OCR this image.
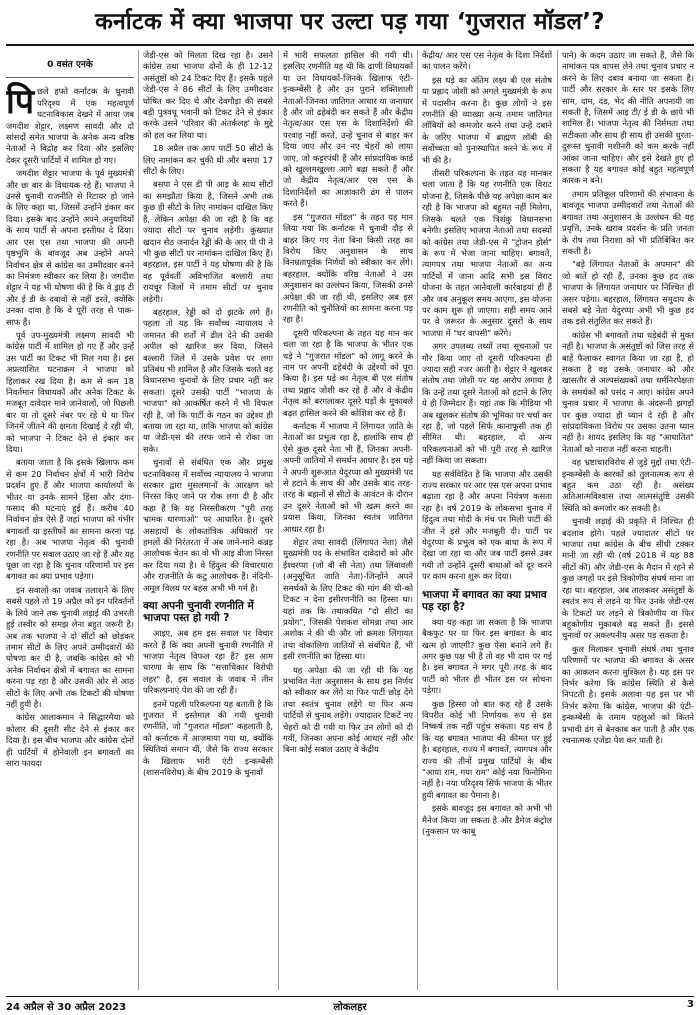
कर्नाटक में क्या भाजपा पर उल्टा पड़ गया ‘गुजरात मॉडल’?
0 वसंत एनके

पिछले हफ्ते कर्नाटक के चुनावी परिदृश्य में एक महत्वपूर्ण घटनाविकास देखने में आया जब जगदीश शेट्टार, लक्ष्मण सावदी और दो सांसदों समेत भाजपा के अनेक अन्य वरिष्ठ नेताओं ने विद्रोह कर दिया और इसलिए देकर दूसरी पार्टियों में शामिल हो गए।

जगदीश शेट्टार भाजपा के पूर्व मुख्यमंत्री और छः बार के विधायक रहे हैं। भाजपा ने उनसे चुनावी राजनीति से रिटायर हो जाने के लिए कहा था, जिसमें उन्होंने इंकार कर दिया। इसके बाद उन्होंने अपने अनुयायियों के साथ पार्टी से अपना इस्तीफा दे दिया। आर एस एस तथा भाजपा की अपनी पृष्ठभूमि के बावजूद अब उन्होंने अपने निर्वाचन क्षेत्र से कांग्रेस का उम्मीदवार बनने का निमंत्रण स्वीकार कर लिया है। जगदीश शेट्टार ने यह भी घोषणा की है कि वे ड्राइ टी और ई डी के दबावों से नहीं डरते, क्योंकि उनका दावा है कि वे पूरी तरह से पाक-साफ हैं।

पूर्व उप-मुख्यमंत्री लक्ष्मण सावदी भी कांग्रेस पार्टी में शामिल हो गए हैं और उन्हें उस पार्टी का टिकट भी मिल गया है। इस अप्रत्याशित घटनाक्रम ने भाजपा को हिलाकर रख दिया है। कम से कम 18 निवर्तमान विधायकों और अनेक टिकट के मजबूत दावेदार माने जानेवालों, जो पिछली बार या तो दूसरे नंबर पर रहे थे या फिर जिनमें जीतने की क्षमता दिखाई दे रही थी, को भाजपा ने टिकट देने से इंकार कर दिया।

बताया जाता है कि इसके खिलाफ कम से कम 20 निर्वाचन क्षेत्रों में भारी विरोध प्रदर्शन हुए हैं और भाजपा कार्यालयों के भीतर या उनके सामने हिंसा और दंगा-फसाद की घटनाएं हुई हैं। करीब 40 निर्वाचन क्षेत्र ऐसे हैं जहां भाजपा को गंभीर बगावतों या इस्तीफों का सामना करना पड़ रहा है। अब भाजपा नेतृत्व की चुनावी रणनीति पर सवाल उठाए जा रहे हैं और यह पूछा जा रहा है कि चुनाव परिणामों पर इस बगावत का क्या प्रभाव पड़ेगा।

इन सवालों का जवाब तलाशने के लिए सबसे पहले तो 19 अप्रैल को इन परिवर्तनों के लिये जाने तक चुनावी लड़ाई की उभरती हुई तस्वीर को समझ लेना बहुत जरूरी है। अब तक भाजपा ने दो सीटों को छोड़कर तमाम सीटों के लिए अपने उम्मीदवारों की घोषणा कर दी है, जबकि कांग्रेस को भी अनेक निर्वाचन क्षेत्रों में बगावत का सामना करना पड़ रहा है और उसकी ओर से आठ सीटों के लिए अभी तक टिकटों की घोषणा नहीं हुयी है।

कांग्रेस आलाकमान ने सिद्धारमैया को कोलार की दूसरी सीट देने से इंकार कर दिया है। इस बीच भाजपा और कांग्रेस दोनों ही पार्टियों में होनेवाली इन बगावतों का सारा फायदा

जेडी-एस को मिलता दिख रहा है। उसने कांग्रेस तथा भाजपा दोनों के ही 12-12 असंतुष्टों को 24 टिकट दिए हैं। इसके पहले जेडी-एस ने 86 सीटों के लिए उम्मीदवार घोषित कर दिए थे और देवगौड़ा की सबसे बड़ी पुत्रवधू भवानी को टिकट देने से इंकार करके उसने 'परिवार की अंतर्कलह' के मुद्दे को हल कर लिया था।

18 अप्रैल तक आप पार्टी 50 सीटों के लिए नामांकन कर चुकी थी और बसपा 17 सीटों के लिए।

बसपा ने एस डी पी आइ के साथ सीटों का समझौता किया है, जिसने अभी तक कुछ ही सीटों के लिए नामांकन दाखिल किए हैं, लेकिन अपेक्षा की जा रही है कि वह ज्यादा सीटों पर चुनाव लड़ेगी। कुख्यात खदान सेठ जनार्दन रेड्डी की के आर पी पी ने भी कुछ सीटों पर नामांकन दाखिल किए हैं। बहरहाल, इस पार्टी ने यह घोषणा की है कि वह पूर्ववर्ती अविभाजित बल्लारी तथा रायचूर जिलों में तमाम सीटों पर चुनाव लड़ेगी।

बहरहाल, रेड्डी को दो झटके लगे हैं। पहला तो यह कि सर्वोच्च न्यायालय ने जमानत की शर्तों में ढील देने की उसकी अपील को खारिज कर दिया, जिसने बल्लारी जिले में उसके प्रवेश पर लगा प्रतिबंध भी शामिल है और जिसके चलते वह विधानसभा चुनावों के लिए प्रचार नहीं कर सकता। दूसरे उसकी पार्टी "भाजपा के भाजपा" को आकर्षित करने में भी विफल रही है, जो कि पार्टी के गठन का उद्देश्य ही बताया जा रहा था, ताकि भाजपा को कांग्रेस या जेडी-एस की तरफ जाने से रोका जा सके।

चुनावों से संबंधित एक और प्रमुख घटनाविकास में सर्वोच्च न्यायालय ने भाजपा सरकार द्वारा मुसलमानों के आरक्षण को निरस्त किए जाने पर रोक लगा दी है और कहा है कि यह निरस्तीकरण "पूरी तरह भ्रामक धारणाओं" पर आधारित है। दूसरे असहायों के लोकतांत्रिक अधिकारों पर हमलों की निरंतरता में अब जाने-माने कन्नड़ आलोचक चेतन का वो भी आइ वीजा निरस्त कर दिया गया है। वे हिंदुत्व की विचारधारा और राजनीति के कटु आलोचक हैं। नंदिनी-अमूल विलय पर बहस अभी भी गर्म है।

क्या अपनी चुनावी रणनीति में भाजपा पस्त हो गयी ?

आइए, अब हम इस सवाल पर विचार करते हैं कि क्या अपनी चुनावी रणनीति में भाजपा नेतृत्व विफल रहा है? इस आम धारणा के साथ कि "सत्ताधिकार विरोधी लहर" है, इस सवाल के जवाब में तीन परिकल्पनाएं पेश की जा रही हैं।

इनमें पहली परिकल्पना यह बताती है कि गुजरात में इस्तेमाल की गयी चुनावी रणनीति, जो "गुजरात मॉडल" कहलाती है, को कर्नाटक में आजमाया गया था, क्योंकि स्थितियां समान थीं, जैसे कि राज्य सरकार के खिलाफ भारी एंटी इन्कम्बेंसी (शासनविरोध) के बीच 2019 के चुनावों

में भारी सफलता हासिल की गयी थी। इसलिए रणनीति यह थी कि ढाणी विधायकों या उन विधायकों-जिनके खिलाफ एंटी-इन्कम्बेंसी है और उन पुराने शक्तिशाली नेताओं-जिनका जातिगत आधार या जनाधार है और जो ढहेबंदी कर सकते हैं और केंद्रीय नेतृत्व/आर एस एस के दिशानिर्देशों की परवाह नहीं करते, उन्हें चुनाव से बाहर कर दिया जाए और उन नए चेहरों को लाया जाए, जो कट्टरपंथी हैं और सांप्रदायिक कार्ड को खुल्लमखुल्ला आगे बढ़ा सकते हैं और जो केंद्रीय नेतृत्व/आर एस एस के दिशानिर्देशों का आज्ञाकारी ढंग से पालन करते हैं।

इस "गुजरात मॉडल" के तहत यह मान लिया गया कि कर्नाटक में चुनावी दौड़ से बाहर किए गए नेता बिना किसी तरह का विरोध किए अनुशासन के साथ विनम्रतापूर्वक निर्णयों को स्वीकार कर लेंगे। बहरहाल, क्योंकि वरिष्ठ नेताओं ने उस अनुशासन का उल्लंघन किया, जिसकी उनसे अपेक्षा की जा रही थी, इसलिए अब इस रणनीति को चुनौतियों का सामना करना पड़ रहा है।

दूसरी परिकल्पना के तहत यह मान कर चला जा रहा है कि भाजपा के भीतर एक धड़े ने "गुजरात मॉडल" को लागू करने के नाम पर अपनी ढहेबंदी के उद्देश्यों को पूरा किया है। इस धड़े का नेतृत्व बी एल संतोष तथा प्रह्लाद जोशी कर रहे हैं और वे केंद्रीय नेतृत्व को बरगलाकर दूसरे धड़ों के मुकाबले बढ़त हासिल करने की कोशिश कर रहे हैं।

कर्नाटक में भाजपा में लिंगायत जाति के नेताओं का प्रभुत्व रहा है, हालांकि साथ ही ऐसे कुछ दूसरे नेता भी हैं, जिनका अपनी-अपनी जातियों में समर्थन आधार है। इस धड़े ने अपनी शुरूआत येदुरप्पा को मुख्यमंत्री पद से हटाने के साथ की और उसके बाद तरह-तरह के बहानों से सीटों के आवंटन के दौरान उन दूसरे नेताओं को भी खत्म करने का प्रयास किया, जिनका स्वतंत्र जातिगत आधार रहा है।

शेट्टार तथा सावदी (लिंगायत नेता) जैसे मुख्यमंत्री पद के संभावित दावेदारों को और ईश्वरप्पा (जो बी सी नेता) तथा लिंबावली (अनुसूचित जाति नेता)-जिन्होंने अपने समर्थकों के लिए टिकट की मांग की थी-को टिकट न देना इसीरणनीति का हिस्सा था। यहां तक कि तथाकथित "दो सीटों का प्रयोग", जिसकी पेशकश सोमन्ना तथा आर अशोक ने की थी और जो क्रमशः लिंगायत तथा वोकालिगा जातियों से संबंधित हैं, भी इसी रणनीति का हिस्सा था।

यह अपेक्षा की जा रही थी कि यह प्रभावित नेता अनुशासन के साथ इस निर्णय को स्वीकार कर लेंगे या फिर पार्टी छोड़ देंगे तथा स्वतंत्र चुनाव लड़ेंगे या फिर अन्य पार्टियों से चुनाव लड़ेंगे। ज्यादातर टिकटें नए चेहरों को दी गयी या फिर उन लोगों को दी गयीं, जिनका अपना कोई आधार नहीं और बिना कोई सवाल उठाए वे केंद्रीय

केंद्रीय/ आर एस एस नेतृत्व के दिशा निर्देशों का पालन करेंगे।

इस धड़े का अंतिम लक्ष्य बी एल संतोष या प्रह्लाद जोशी को अगले मुख्यमंत्री के रूप में पदासीन करना है। कुछ लोगों ने इस रणनीति की व्याख्या अन्य तमाम जातिगत लॉबियों को कमजोर करने तथा उन्हें दबाने के जरिए भाजपा में ब्राह्मण लॉबी की सर्वोच्चता को पुनःस्थापित करने के रूप में भी की है।

तीसरी परिकल्पना के तहत यह मानकर चला जाता है कि यह रणनीति एक विराट योजना है, जिसके पीछे यह अपेक्षा काम कर रही है कि भाजपा को बहुमत नहीं मिलेगा, जिसके चलते एक त्रिशंकु विधानसभा बनेगी। इसलिए भाजपा नेताओं तथा सदस्यों को कांग्रेस तथा जेडी-एस में "ट्रोजन होर्स" के रूप में भेजा जाना चाहिए। बगावतें, त्यागपत्र तथा भाजपा नेताओं का अन्य पार्टियों में जाना आदि सभी इस विराट योजना के तहत आनेवाली कार्रवाइयां ही हैं और जब अनुकूल समय आएगा, इस योजना पर काम शुरू हो जाएगा। सही समय आने पर वे जरूरत के अनुसार दूसरों के साथ भाजपा में "घर वापसी" करेंगे।

अगर उपलब्ध तथ्यों तथा सूचनाओं पर गौर किया जाए तो दूसरी परिकल्पना ही ज्यादा सही नजर आती है। शेट्टार ने खुलकर संतोष तथा जोशी पर यह आरोप लगाया है कि उन्हें तथा दूसरे नेताओं को हटाने के लिए ये ही जिम्मेदार हैं। यहां तक कि मीडिया भी अब खुलकर संतोष की भूमिका पर चर्चा कर रहा है, जो पहले सिर्फ कानाफूसी तक ही सीमित थी। बहरहाल, दो अन्य परिकल्पनाओं को भी पूरी तरह से खारिज नहीं किया जा सकता।

यह सर्वविदित है कि भाजपा और उसकी राज्य सरकार पर आर एस एस अपना प्रभाव बढ़ाता रहा है और अपना नियंत्रण कसता रहा है। वर्ष 2019 के लोकसभा चुनाव में हिंदुत्व तथा मोदी के मंच पर मिली पार्टी की जीत ने इसे और मजबूती दी। पार्टी पर येदुरप्पा के प्रभुत्व को एक बाधा के रूप में देखा जा रहा था और जब पार्टी इससे उबर गयी तो उन्होंने दूसरी बाधाओं को दूर करने पर काम करना शुरू कर दिया।

भाजपा में बगावत का क्या प्रभाव पड़ रहा है?

क्या यह कहा जा सकता है कि भाजपा बैकफुट पर या फिर इस बगावत के बाद खत्म हो जाएगी? कुछ ऐसा बनाने लगे हैं। अगर कुछ पक्ष भी है तो वह भी दाम पर गई है। इस बगावत ने मगर पूरी तरह के बाद पार्टी को भीतर ही भीतर इस पर सोचना पड़ेगा।

कुछ हिस्सा जो बात कह रहे हैं उसके विपरीत कोई भी निर्णायक रूप से इस निष्कर्ष तक नहीं पहुंच सकता। यह सच है कि यह बगावत भाजपा की कीमत पर हुई है। बहरहाल, राज्य में बगावतें, त्यागपत्र और राज्य की तीनों प्रमुख पार्टियों के बीच "आया राम, गया राम" कोई नया फिनोमिना नहीं है। नया परिदृश्य सिर्फ भाजपा के भीतर हुयी बगावत का पैमाना है।

इसके बावजूद इस बगावत को अभी भी मैनेज किया जा सकता है और डैमेज कंट्रोल (नुकसान पर काबू

पाने) के कदम उठाए जा सकते हैं, जैसे कि नामांकन पत्र वापस लेने तथा चुनाव प्रचार न करने के लिए दबाव बनाया जा सकता है। पार्टी और सरकार के स्तर पर इसके लिए साम, दाम, दंड, भेद की नीति अपनायी जा सकती है, जिसमें आइ टी/ ई डी के छापे भी शामिल हैं। भाजपा नेतृत्व की निर्ममता तथा सटीकता और साथ ही साथ ही उसकी धुरता-दुरूस्त चुनावी मशीनरी को कम करके नहीं आंका जाना चाहिए। और इसे देखते हुए हो सकता है यह बगावत कोई बहुत महत्वपूर्ण कारक न बने।

तमाम प्रतिकूल परिणामों की संभावना के बावजूद भाजपा उम्मीदवारों तथा नेताओं की बगावत तथा अनुशासन के उल्लंघन की यह प्रवृत्ति, उनके खराब प्रदर्शन के प्रति जनता के रोष तथा निराशा को भी प्रतिबिंबित कर सकती है।

"बड़े लिंगायत नेताओं के अपमान" की जो बातें हो रही हैं, उनका कुछ हद तक भाजपा के लिंगायत जनाधार पर निश्चित ही असर पड़ेगा। बहरहाल, लिंगायत समुदाय के सबसे बड़े नेता येदुरप्पा अभी भी कुछ हद तक इसे संतुलित कर सकते हैं।

कांग्रेस भी बगावतों तथा धड़ेबंदी से मुक्त नहीं है। भाजपा के असंतुष्टों को जिस तरह से बाहें फैलाकर स्वागत किया जा रहा है, हो सकता है वह उसके जनाधार को और खासतौर से अल्पसंख्यकों तथा धर्मनिरपेक्षता के समर्थकों को पसंद न आए। कांग्रेस अपने चुनाव प्रचार में भाजपा के अंदरूनी झगड़ों पर कुछ ज्यादा ही ध्यान दे रही है और सांप्रदायिकता विरोध पर उसका उतना ध्यान नहीं है। शायद इसलिए कि यह "आधातित" नेताओं को नाराज नहीं करना चाहती।

वह भ्रष्टाचारविरोध से जुड़े मुद्दों तथा एंटी-इन्कम्बेंसी के कारकों को तुलनात्मक रूप से बहुत कम उठा रही है। असंख्य अतिआत्मविश्वास तथा आत्मसंतुष्टि उसकी स्थिति को कमजोर कर सकती है।

चुनावी लड़ाई की प्रकृति में निश्चित ही बदलाव होगे। पहले ज्यादातर सीटों पर भाजपा तथा कांग्रेस के बीच सीधी टक्कर मानी जा रही थी (वर्ष 2018 में यह 88 सीटों की) और जेडी-एस के मैदान में रहने से कुछ जगहों पर इसे त्रिकोणीय संघर्ष माना जा रहा था। बहरहाल, अब तालकवर असंतुष्टों के स्वतंत्र रूप से लड़ने या फिर उनके जेडी-एस के टिकटों पर लड़ने से त्रिकोणीय या फिर बहुकोणीय मुकाबले बढ़ सकते हैं। इससे चुनावों पर अकल्पनीय असर पड़ सकता है।

कुल मिलाकर चुनावी संघर्ष तथा चुनाव परिणामों पर भाजपा की बगावत के असर का आकलन करना मुश्किल है। यह इस पर निर्भर करेगा कि कांग्रेस स्थिति से कैसे निपटती है। इसके अलावा यह इस पर भी निर्भर करेगा कि कांग्रेस, भाजपा की एंटी-इन्कम्बेंसी के तमाम पहलुओं को कितने प्रभावी ढंग से बेनकाब कर पाती है और एक रचनात्मक एजेंडा पेश कर पाती है।

24 अप्रैल से 30 अप्रैल 2023	लोकलहर	3
